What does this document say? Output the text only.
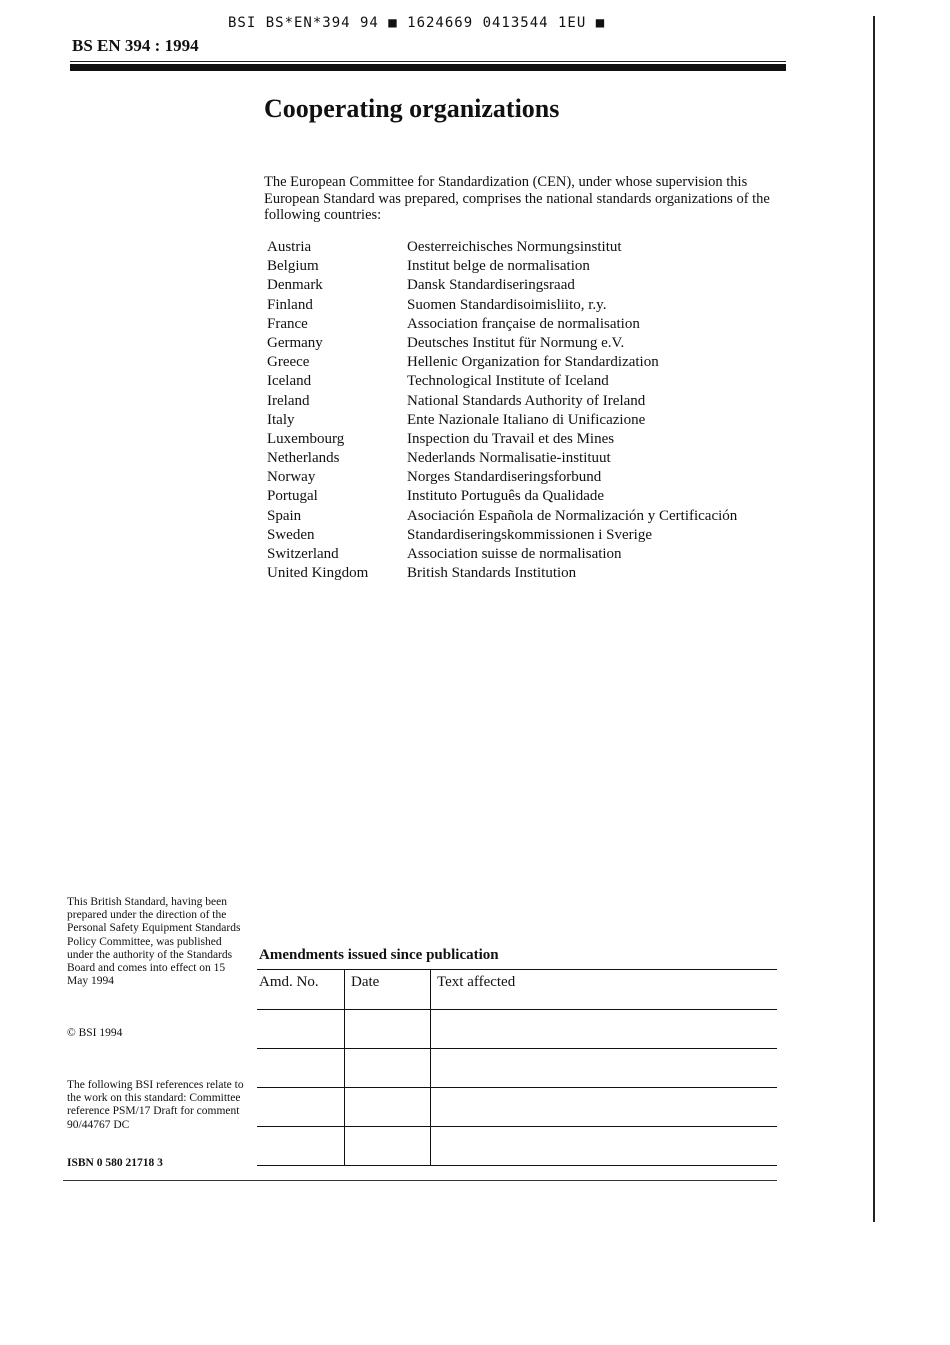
BSI BS*EN*394 94 ■ 1624669 0413544 1EU ■
BS EN 394 : 1994
Cooperating organizations

The European Committee for Standardization (CEN), under whose supervision this European Standard was prepared, comprises the national standards organizations of the following countries:

Austria	Oesterreichisches Normungsinstitut
Belgium	Institut belge de normalisation
Denmark	Dansk Standardiseringsraad
Finland	Suomen Standardisoimisliito, r.y.
France	Association française de normalisation
Germany	Deutsches Institut für Normung e.V.
Greece	Hellenic Organization for Standardization
Iceland	Technological Institute of Iceland
Ireland	National Standards Authority of Ireland
Italy	Ente Nazionale Italiano di Unificazione
Luxembourg	Inspection du Travail et des Mines
Netherlands	Nederlands Normalisatie-instituut
Norway	Norges Standardiseringsforbund
Portugal	Instituto Português da Qualidade
Spain	Asociación Española de Normalización y Certificación
Sweden	Standardiseringskommissionen i Sverige
Switzerland	Association suisse de normalisation
United Kingdom	British Standards Institution
This British Standard, having been prepared under the direction of the Personal Safety Equipment Standards Policy Committee, was published under the authority of the Standards Board and comes into effect on 15 May 1994
© BSI 1994
The following BSI references relate to the work on this standard: Committee reference PSM/17 Draft for comment 90/44767 DC
ISBN 0 580 21718 3
Amendments issued since publication
Amd. No. Date	Text affected
